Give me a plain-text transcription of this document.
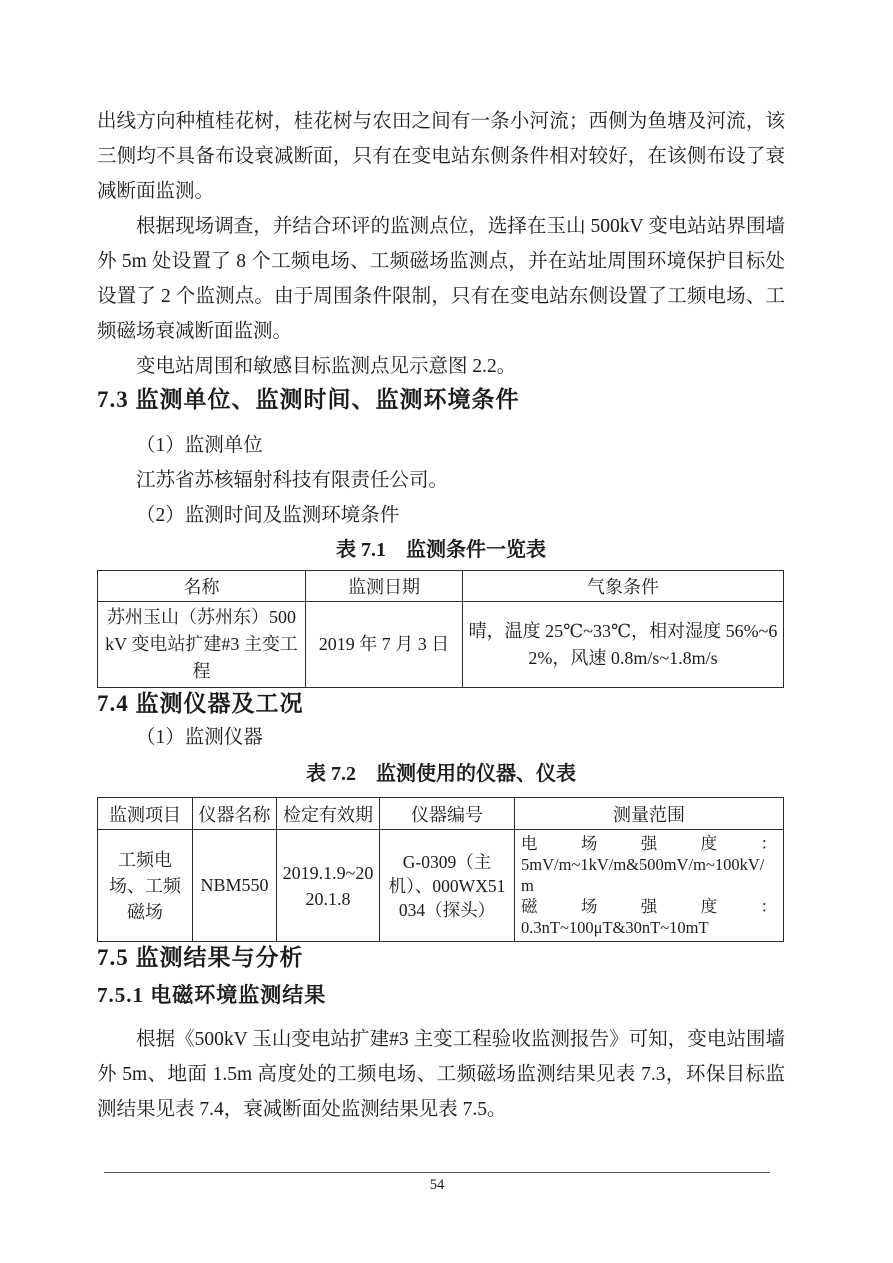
出线方向种植桂花树，桂花树与农田之间有一条小河流；西侧为鱼塘及河流，该三侧均不具备布设衰减断面，只有在变电站东侧条件相对较好，在该侧布设了衰减断面监测。

根据现场调查，并结合环评的监测点位，选择在玉山 500kV 变电站站界围墙外 5m 处设置了 8 个工频电场、工频磁场监测点，并在站址周围环境保护目标处设置了 2 个监测点。由于周围条件限制，只有在变电站东侧设置了工频电场、工频磁场衰减断面监测。

变电站周围和敏感目标监测点见示意图 2.2。

7.3 监测单位、监测时间、监测环境条件

（1）监测单位

江苏省苏核辐射科技有限责任公司。

（2）监测时间及监测环境条件

表 7.1　监测条件一览表
名称	监测日期	气象条件
苏州玉山（苏州东）500kV 变电站扩建#3 主变工程	2019 年 7 月 3 日	晴，温度 25℃~33℃，相对湿度 56%~62%，风速 0.8m/s~1.8m/s
7.4 监测仪器及工况

（1）监测仪器

表 7.2　监测使用的仪器、仪表
监测项目	仪器名称	检定有效期	仪器编号	测量范围
工频电场、工频磁场	NBM550	2019.1.9~2020.1.8	G-0309（主机）、000WX51034（探头）	电场强度：
5mV/m~1kV/m&500mV/m~100kV/m
磁场强度：
0.3nT~100μT&30nT~10mT
7.5 监测结果与分析
7.5.1 电磁环境监测结果

根据《500kV 玉山变电站扩建#3 主变工程验收监测报告》可知，变电站围墙外 5m、地面 1.5m 高度处的工频电场、工频磁场监测结果见表 7.3，环保目标监测结果见表 7.4，衰减断面处监测结果见表 7.5。

54
